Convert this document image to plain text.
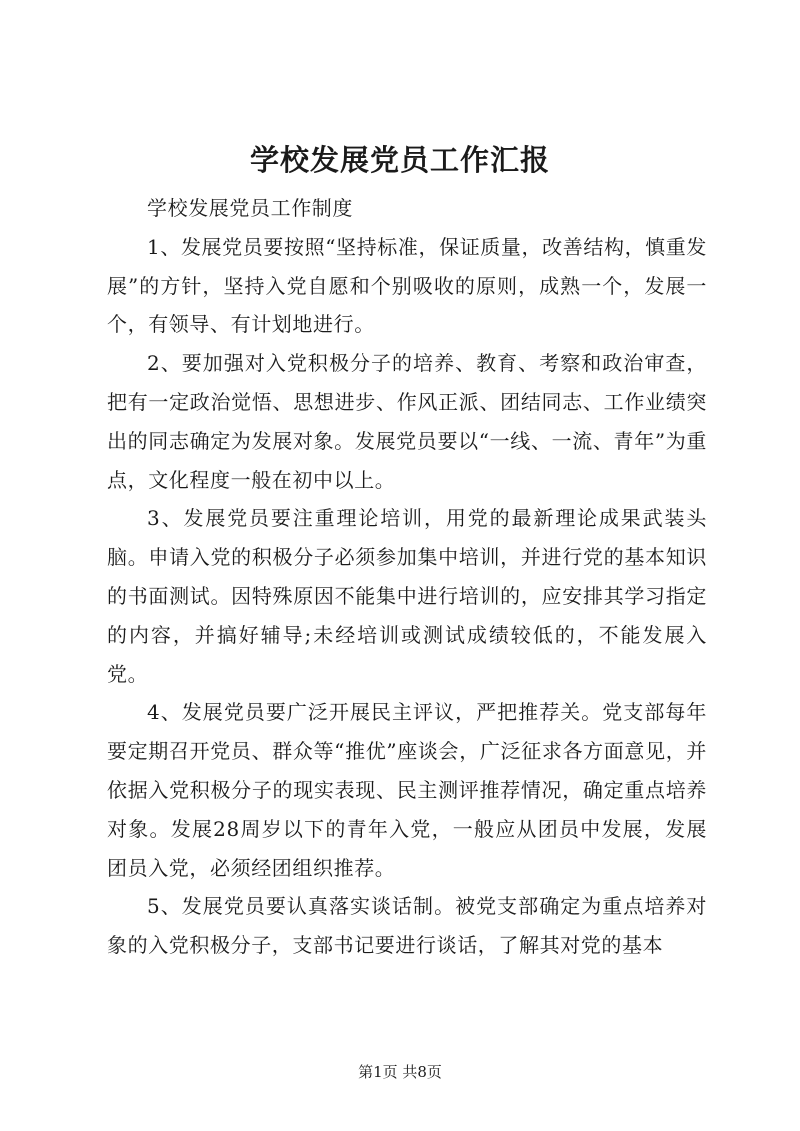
学校发展党员工作汇报

学校发展党员工作制度

1、发展党员要按照“坚持标准，保证质量，改善结构，慎重发展”的方针，坚持入党自愿和个别吸收的原则，成熟一个，发展一个，有领导、有计划地进行。

2、要加强对入党积极分子的培养、教育、考察和政治审查，把有一定政治觉悟、思想进步、作风正派、团结同志、工作业绩突出的同志确定为发展对象。发展党员要以“一线、一流、青年”为重点，文化程度一般在初中以上。

3、发展党员要注重理论培训，用党的最新理论成果武装头脑。申请入党的积极分子必须参加集中培训，并进行党的基本知识的书面测试。因特殊原因不能集中进行培训的，应安排其学习指定的内容，并搞好辅导;未经培训或测试成绩较低的，不能发展入党。

4、发展党员要广泛开展民主评议，严把推荐关。党支部每年要定期召开党员、群众等“推优”座谈会，广泛征求各方面意见，并依据入党积极分子的现实表现、民主测评推荐情况，确定重点培养对象。发展28周岁以下的青年入党，一般应从团员中发展，发展团员入党，必须经团组织推荐。

5、发展党员要认真落实谈话制。被党支部确定为重点培养对象的入党积极分子，支部书记要进行谈话，了解其对党的基本

第1页 共8页
